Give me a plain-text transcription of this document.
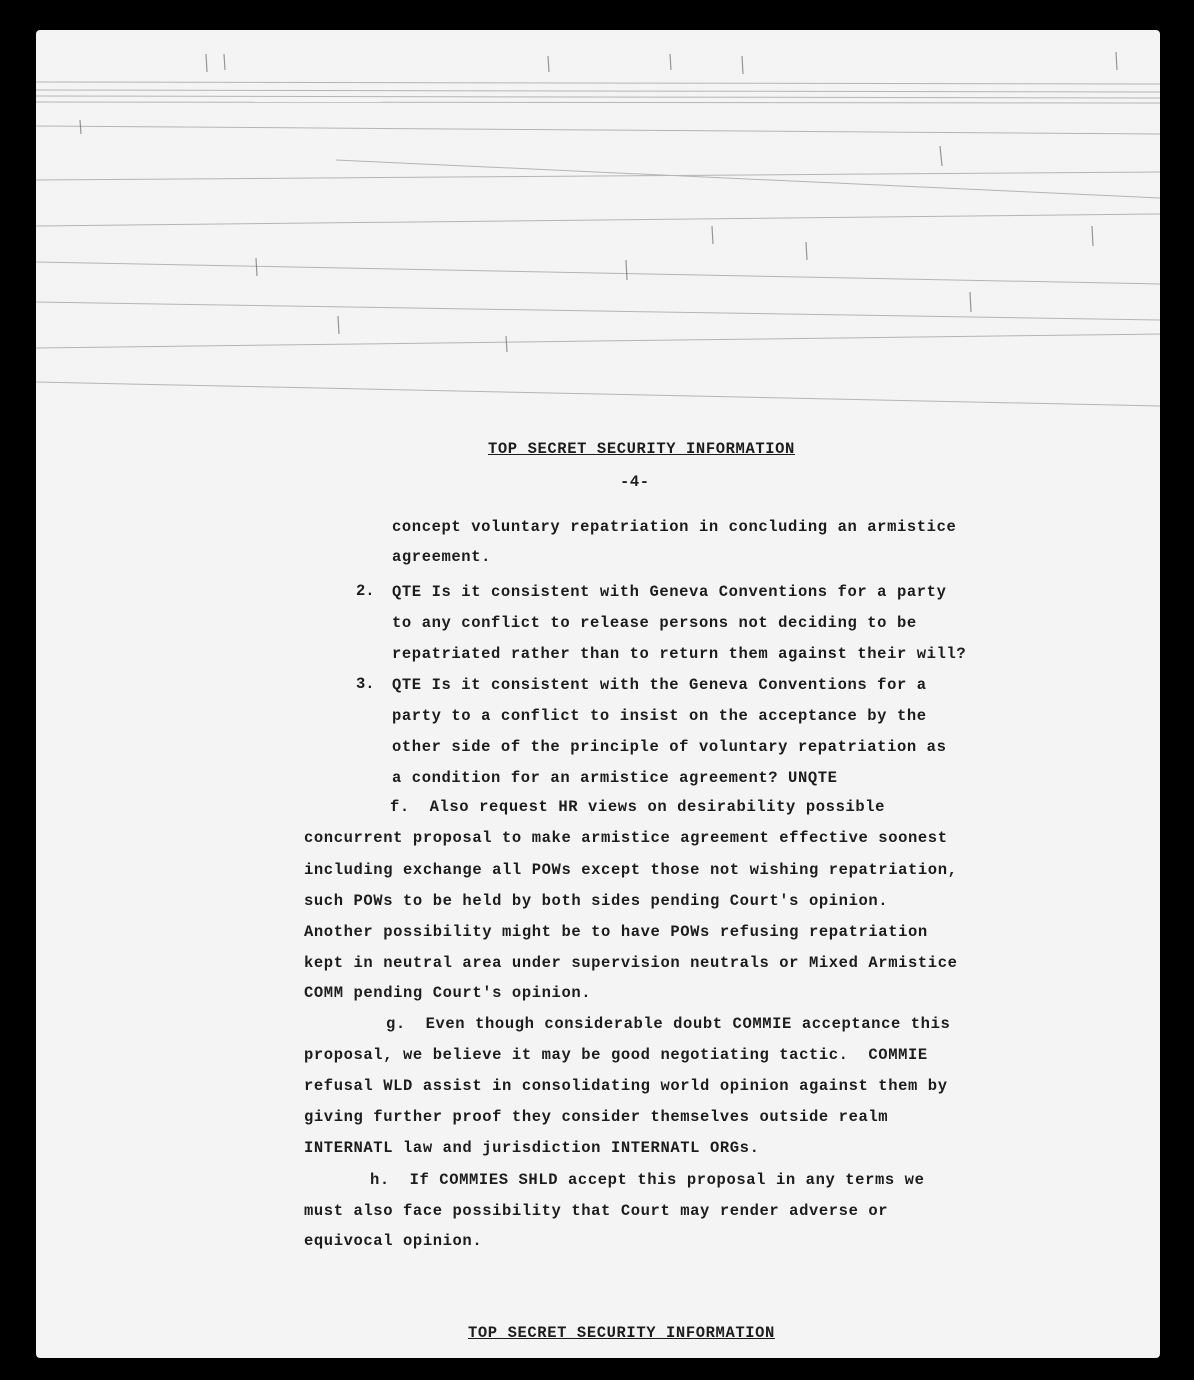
TOP SECRET SECURITY INFORMATION
-4-
concept voluntary repatriation in concluding an armistice
agreement.
2. QTE Is it consistent with Geneva Conventions for a party
to any conflict to release persons not deciding to be
repatriated rather than to return them against their will?
3. QTE Is it consistent with the Geneva Conventions for a
party to a conflict to insist on the acceptance by the
other side of the principle of voluntary repatriation as
a condition for an armistice agreement? UNQTE
f.  Also request HR views on desirability possible
concurrent proposal to make armistice agreement effective soonest
including exchange all POWs except those not wishing repatriation,
such POWs to be held by both sides pending Court's opinion.
Another possibility might be to have POWs refusing repatriation
kept in neutral area under supervision neutrals or Mixed Armistice
COMM pending Court's opinion.
g.  Even though considerable doubt COMMIE acceptance this
proposal, we believe it may be good negotiating tactic.  COMMIE
refusal WLD assist in consolidating world opinion against them by
giving further proof they consider themselves outside realm
INTERNATL law and jurisdiction INTERNATL ORGs.
h.  If COMMIES SHLD accept this proposal in any terms we
must also face possibility that Court may render adverse or
equivocal opinion.
TOP SECRET SECURITY INFORMATION
